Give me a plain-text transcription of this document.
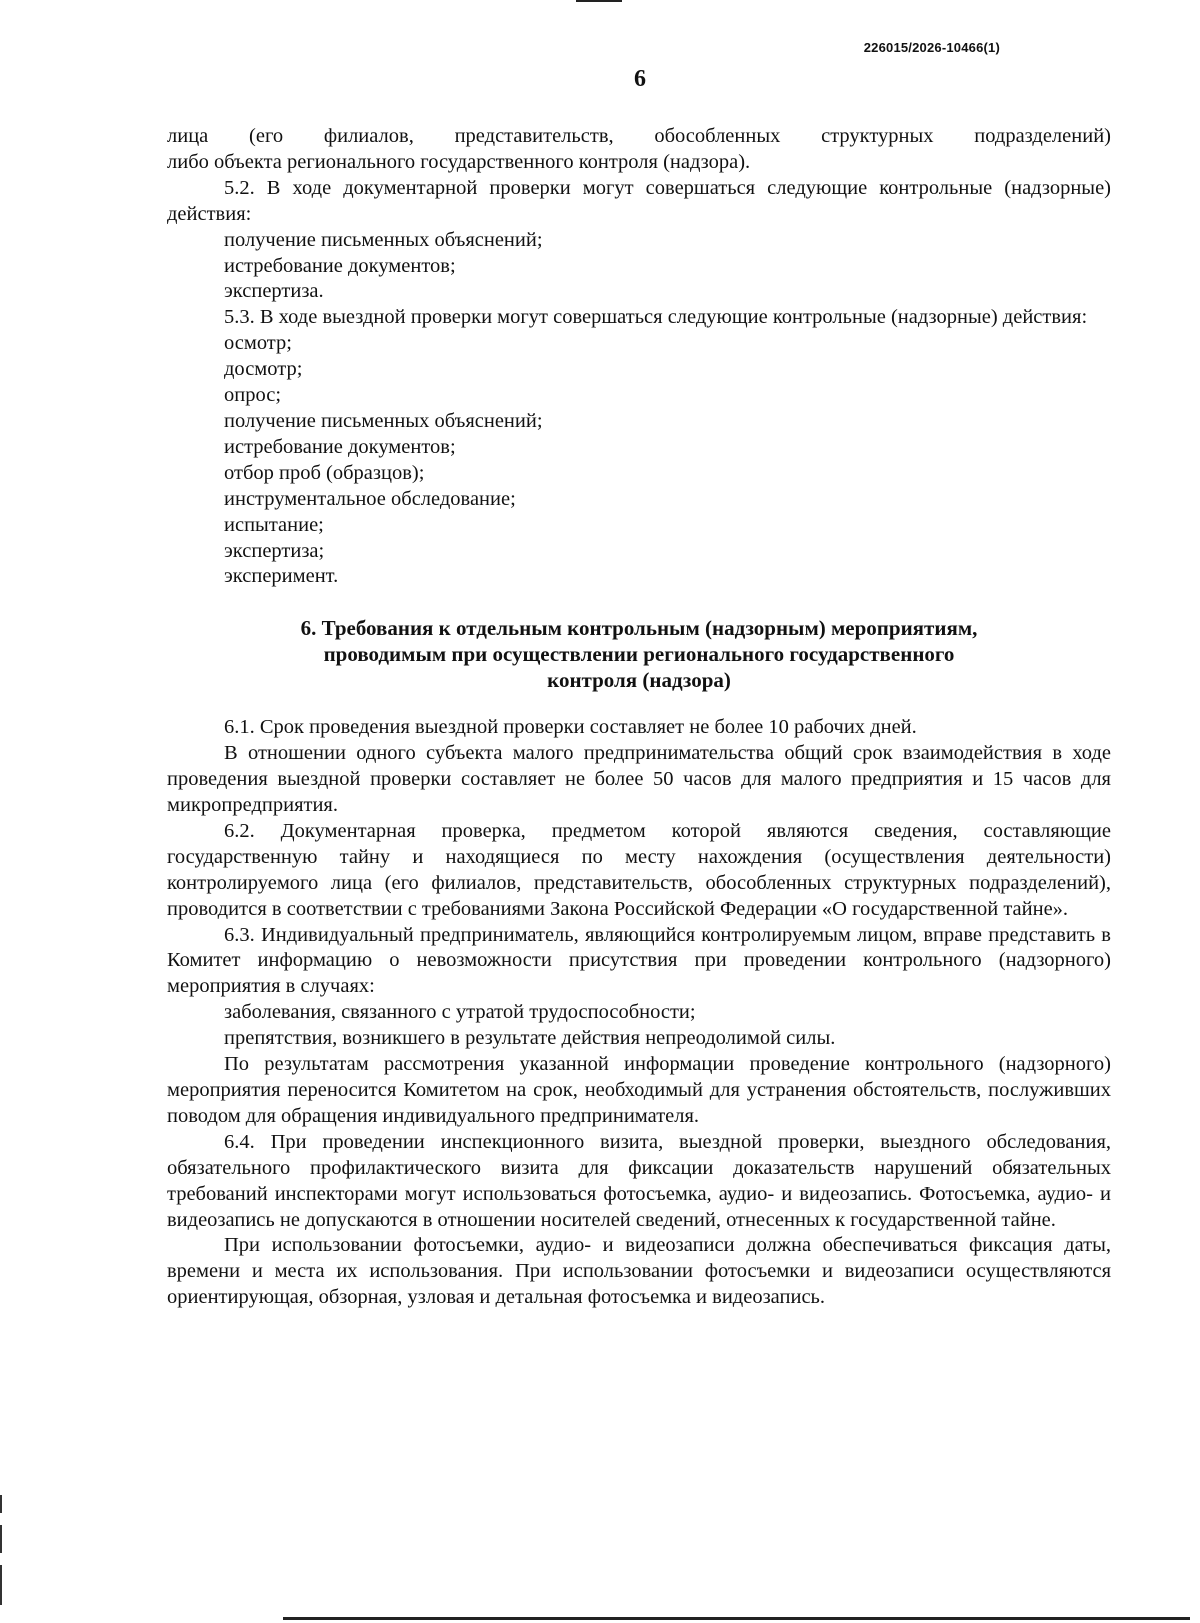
226015/2026-10466(1)
6

лица (его филиалов, представительств, обособленных структурных подразделений)

либо объекта регионального государственного контроля (надзора).

5.2. В ходе документарной проверки могут совершаться следующие контрольные (надзорные) действия:

получение письменных объяснений;

истребование документов;

экспертиза.

5.3. В ходе выездной проверки могут совершаться следующие контрольные (надзорные) действия:

осмотр;

досмотр;

опрос;

получение письменных объяснений;

истребование документов;

отбор проб (образцов);

инструментальное обследование;

испытание;

экспертиза;

эксперимент.

6. Требования к отдельным контрольным (надзорным) мероприятиям,
проводимым при осуществлении регионального государственного
контроля (надзора)

6.1. Срок проведения выездной проверки составляет не более 10 рабочих дней.

В отношении одного субъекта малого предпринимательства общий срок взаимодействия в ходе проведения выездной проверки составляет не более 50 часов для малого предприятия и 15 часов для микропредприятия.

6.2. Документарная проверка, предметом которой являются сведения, составляющие государственную тайну и находящиеся по месту нахождения (осуществления деятельности) контролируемого лица (его филиалов, представительств, обособленных структурных подразделений), проводится в соответствии с требованиями Закона Российской Федерации «О государственной тайне».

6.3. Индивидуальный предприниматель, являющийся контролируемым лицом, вправе представить в Комитет информацию о невозможности присутствия при проведении контрольного (надзорного) мероприятия в случаях:

заболевания, связанного с утратой трудоспособности;

препятствия, возникшего в результате действия непреодолимой силы.

По результатам рассмотрения указанной информации проведение контрольного (надзорного) мероприятия переносится Комитетом на срок, необходимый для устранения обстоятельств, послуживших поводом для обращения индивидуального предпринимателя.

6.4. При проведении инспекционного визита, выездной проверки, выездного обследования, обязательного профилактического визита для фиксации доказательств нарушений обязательных требований инспекторами могут использоваться фотосъемка, аудио- и видеозапись. Фотосъемка, аудио- и видеозапись не допускаются в отношении носителей сведений, отнесенных к государственной тайне.

При использовании фотосъемки, аудио- и видеозаписи должна обеспечиваться фиксация даты, времени и места их использования. При использовании фотосъемки и видеозаписи осуществляются ориентирующая, обзорная, узловая и детальная фотосъемка и видеозапись.
